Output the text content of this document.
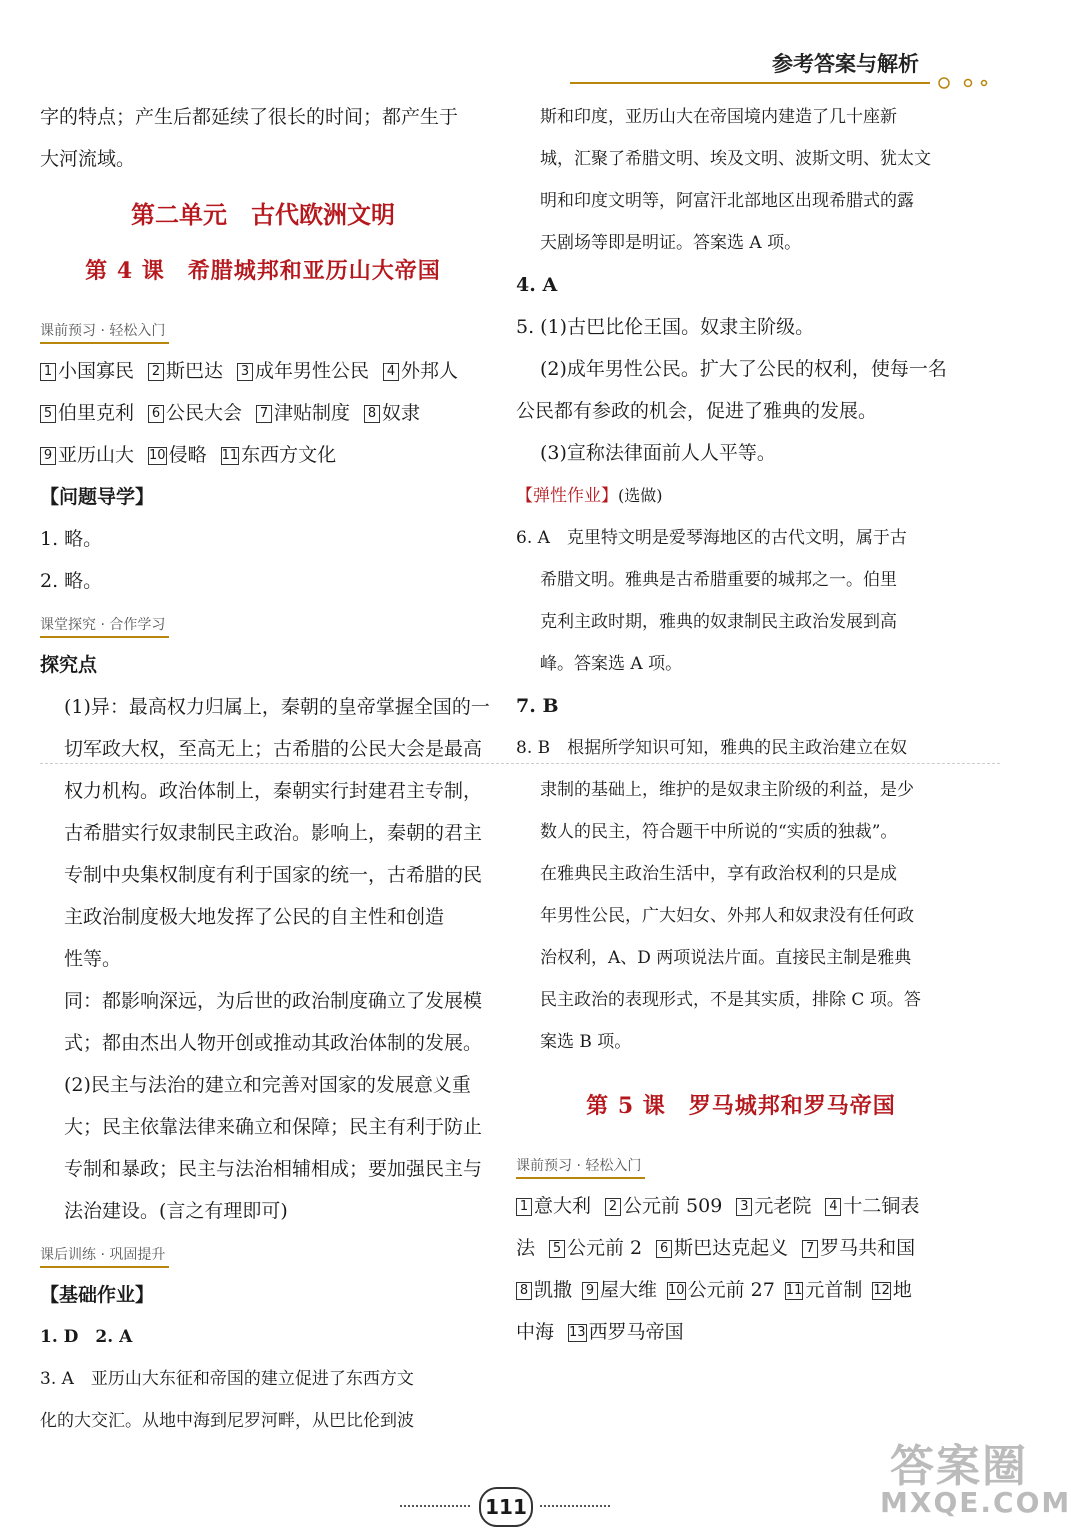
参考答案与解析
字的特点；产生后都延续了很长的时间；都产生于
大河流域。
第二单元　古代欧洲文明
第 4 课　希腊城邦和亚历山大帝国
课前预习 · 轻松入门
1 小国寡民 2 斯巴达 3 成年男性公民 4 外邦人
5 伯里克利 6 公民大会 7 津贴制度 8 奴隶
9 亚历山大 10 侵略 11 东西方文化
【问题导学】
1. 略。
2. 略。
课堂探究 · 合作学习
探究点
(1)异：最高权力归属上，秦朝的皇帝掌握全国的一
切军政大权，至高无上；古希腊的公民大会是最高
权力机构。政治体制上，秦朝实行封建君主专制，
古希腊实行奴隶制民主政治。影响上，秦朝的君主
专制中央集权制度有利于国家的统一，古希腊的民
主政治制度极大地发挥了公民的自主性和创造
性等。
同：都影响深远，为后世的政治制度确立了发展模
式；都由杰出人物开创或推动其政治体制的发展。
(2)民主与法治的建立和完善对国家的发展意义重
大；民主依靠法律来确立和保障；民主有利于防止
专制和暴政；民主与法治相辅相成；要加强民主与
法治建设。(言之有理即可)
课后训练 · 巩固提升
【基础作业】
1. D　2. A
3. A　亚历山大东征和帝国的建立促进了东西方文
化的大交汇。从地中海到尼罗河畔，从巴比伦到波
斯和印度，亚历山大在帝国境内建造了几十座新
城，汇聚了希腊文明、埃及文明、波斯文明、犹太文
明和印度文明等，阿富汗北部地区出现希腊式的露
天剧场等即是明证。答案选 A 项。
4. A
5. (1)古巴比伦王国。奴隶主阶级。
(2)成年男性公民。扩大了公民的权利，使每一名
公民都有参政的机会，促进了雅典的发展。
(3)宣称法律面前人人平等。
【弹性作业】(选做)
6. A　克里特文明是爱琴海地区的古代文明，属于古
希腊文明。雅典是古希腊重要的城邦之一。伯里
克利主政时期，雅典的奴隶制民主政治发展到高
峰。答案选 A 项。
7. B
8. B　根据所学知识可知，雅典的民主政治建立在奴
隶制的基础上，维护的是奴隶主阶级的利益，是少
数人的民主，符合题干中所说的“实质的独裁”。
在雅典民主政治生活中，享有政治权利的只是成
年男性公民，广大妇女、外邦人和奴隶没有任何政
治权利，A、D 两项说法片面。直接民主制是雅典
民主政治的表现形式，不是其实质，排除 C 项。答
案选 B 项。
第 5 课　罗马城邦和罗马帝国
课前预习 · 轻松入门
1 意大利 2 公元前 509 3 元老院 4 十二铜表
法 5 公元前 2 6 斯巴达克起义 7 罗马共和国
8 凯撒 9 屋大维 10 公元前 27 11 元首制 12 地
中海 13 西罗马帝国
111
答案圈
MXQE.COM
